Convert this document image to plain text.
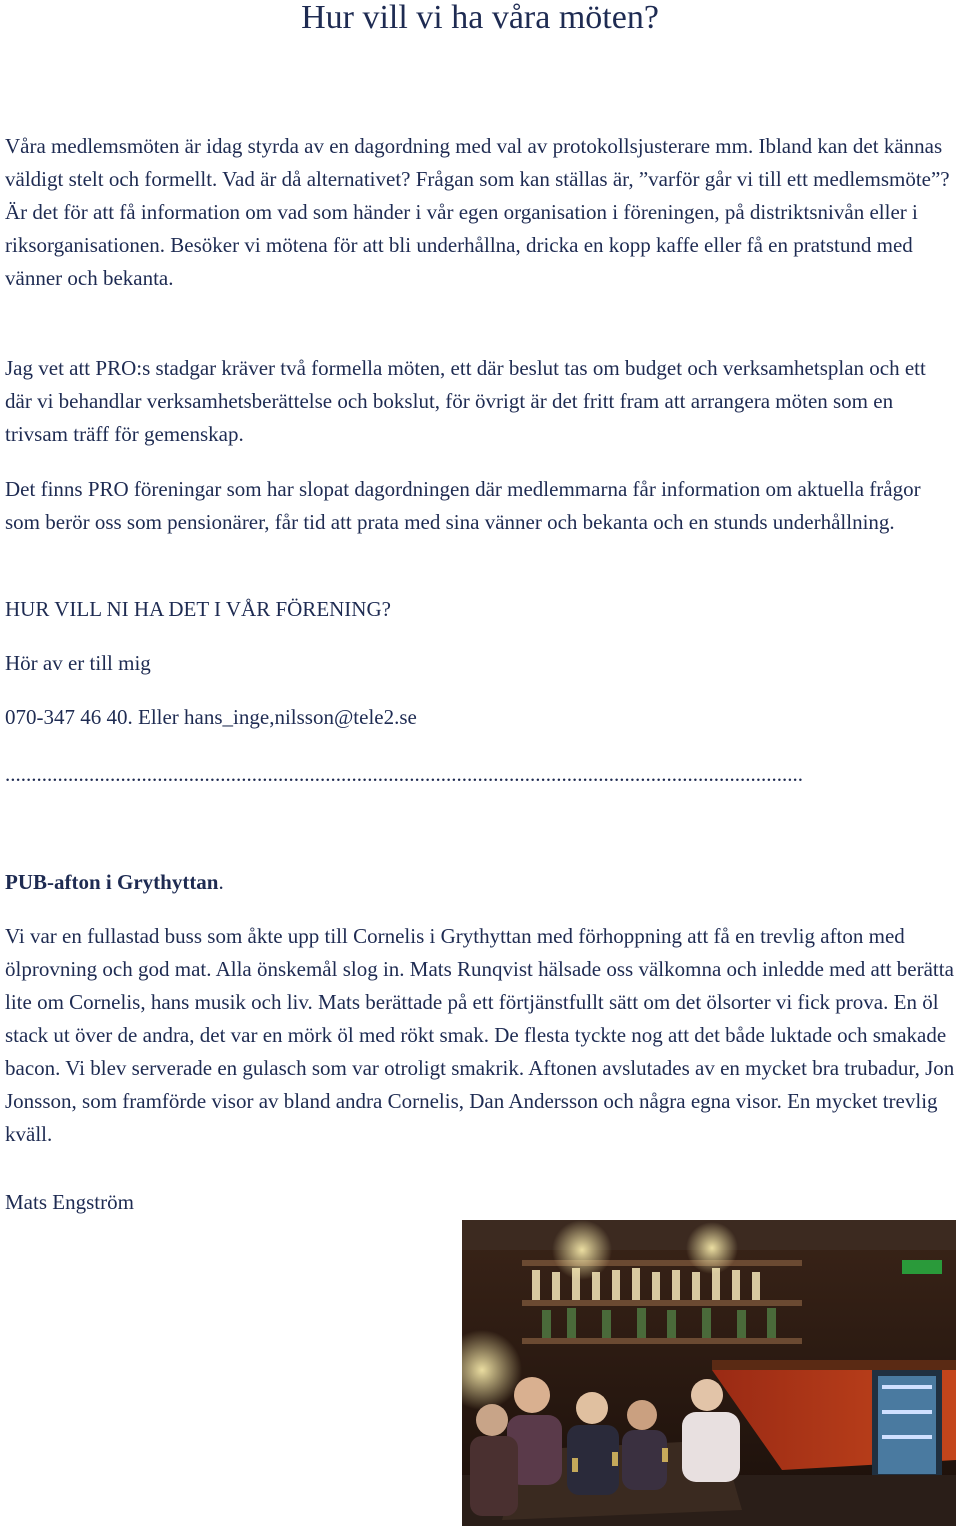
Hur vill vi ha våra möten?

Våra medlemsmöten är idag styrda av en dagordning med val av protokollsjusterare mm. Ibland kan det kännas väldigt stelt och formellt. Vad är då alternativet? Frågan som kan ställas är, ”varför går vi till ett medlemsmöte”? Är det för att få information om vad som händer i vår egen organisation i föreningen, på distriktsnivån eller i riksorganisationen. Besöker vi mötena för att bli underhållna, dricka en kopp kaffe eller få en pratstund med vänner och bekanta.

Jag vet att PRO:s stadgar kräver två formella möten, ett där beslut tas om budget och verksamhetsplan och ett där vi behandlar verksamhetsberättelse och bokslut, för övrigt är det fritt fram att arrangera möten som en trivsam träff för gemenskap.

Det finns PRO föreningar som har slopat dagordningen där medlemmarna får information om aktuella frågor som berör oss som pensionärer, får tid att prata med sina vänner och bekanta och en stunds underhållning.

HUR VILL NI HA DET I VÅR FÖRENING?

Hör av er till mig

070-347 46 40. Eller hans_inge,nilsson@tele2.se

........................................................................................................................................................

PUB-afton i Grythyttan.

Vi var en fullastad buss som åkte upp till Cornelis i Grythyttan med förhoppning att få en trevlig afton med ölprovning och god mat. Alla önskemål slog in. Mats Runqvist hälsade oss välkomna och inledde med att berätta lite om Cornelis, hans musik och liv. Mats berättade på ett förtjänstfullt sätt om det ölsorter vi fick prova. En öl stack ut över de andra, det var en mörk öl med rökt smak. De flesta tyckte nog att det både luktade och smakade bacon. Vi blev serverade en gulasch som var otroligt smakrik. Aftonen avslutades av en mycket bra trubadur, Jon Jonsson, som framförde visor av bland andra Cornelis, Dan Andersson och några egna visor. En mycket trevlig kväll.

Mats Engström
